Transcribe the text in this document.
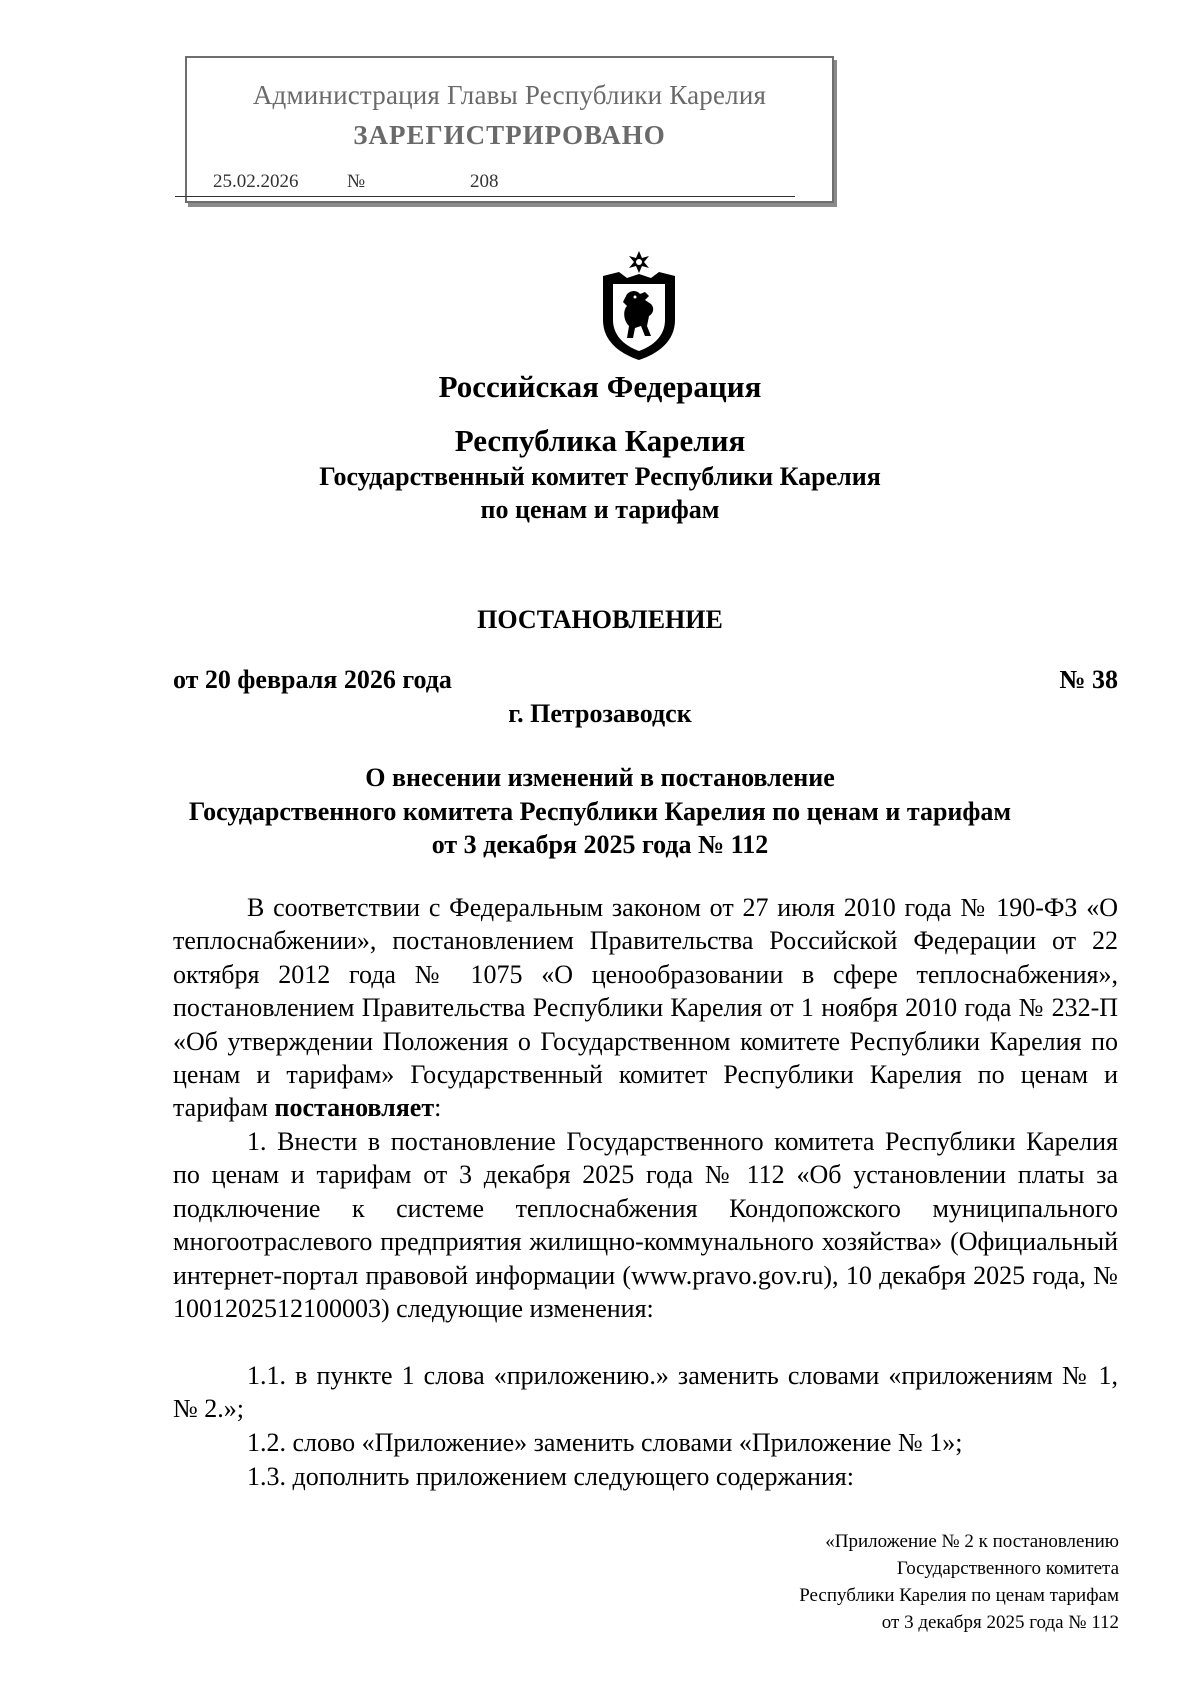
Администрация Главы Республики Карелия
ЗАРЕГИСТРИРОВАНО
25.02.2026	№	208
Российская Федерация
Республика Карелия
Государственный комитет Республики Карелия
по ценам и тарифам
ПОСТАНОВЛЕНИЕ
от 20 февраля 2026 года	№ 38
г. Петрозаводск
О внесении изменений в постановление
Государственного комитета Республики Карелия по ценам и тарифам
от 3 декабря 2025 года № 112

В соответствии с Федеральным законом от 27 июля 2010 года № 190-ФЗ «О теплоснабжении», постановлением Правительства Российской Федерации от 22 октября 2012 года № 1075 «О ценообразовании в сфере теплоснабжения», постановлением Правительства Республики Карелия от 1 ноября 2010 года № 232-П «Об утверждении Положения о Государственном комитете Республики Карелия по ценам и тарифам» Государственный комитет Республики Карелия по ценам и тарифам постановляет:

1. Внести в постановление Государственного комитета Республики Карелия по ценам и тарифам от 3 декабря 2025 года № 112 «Об установлении платы за подключение к системе теплоснабжения Кондопожского муниципального многоотраслевого предприятия жилищно-коммунального хозяйства» (Официальный интернет-портал правовой информации (www.pravo.gov.ru), 10 декабря 2025 года, № 1001202512100003) следующие изменения:

1.1. в пункте 1 слова «приложению.» заменить словами «приложениям № 1, № 2.»;

1.2. слово «Приложение» заменить словами «Приложение № 1»;

1.3. дополнить приложением следующего содержания:

«Приложение № 2 к постановлению
Государственного комитета
Республики Карелия по ценам тарифам
от 3 декабря 2025 года № 112
